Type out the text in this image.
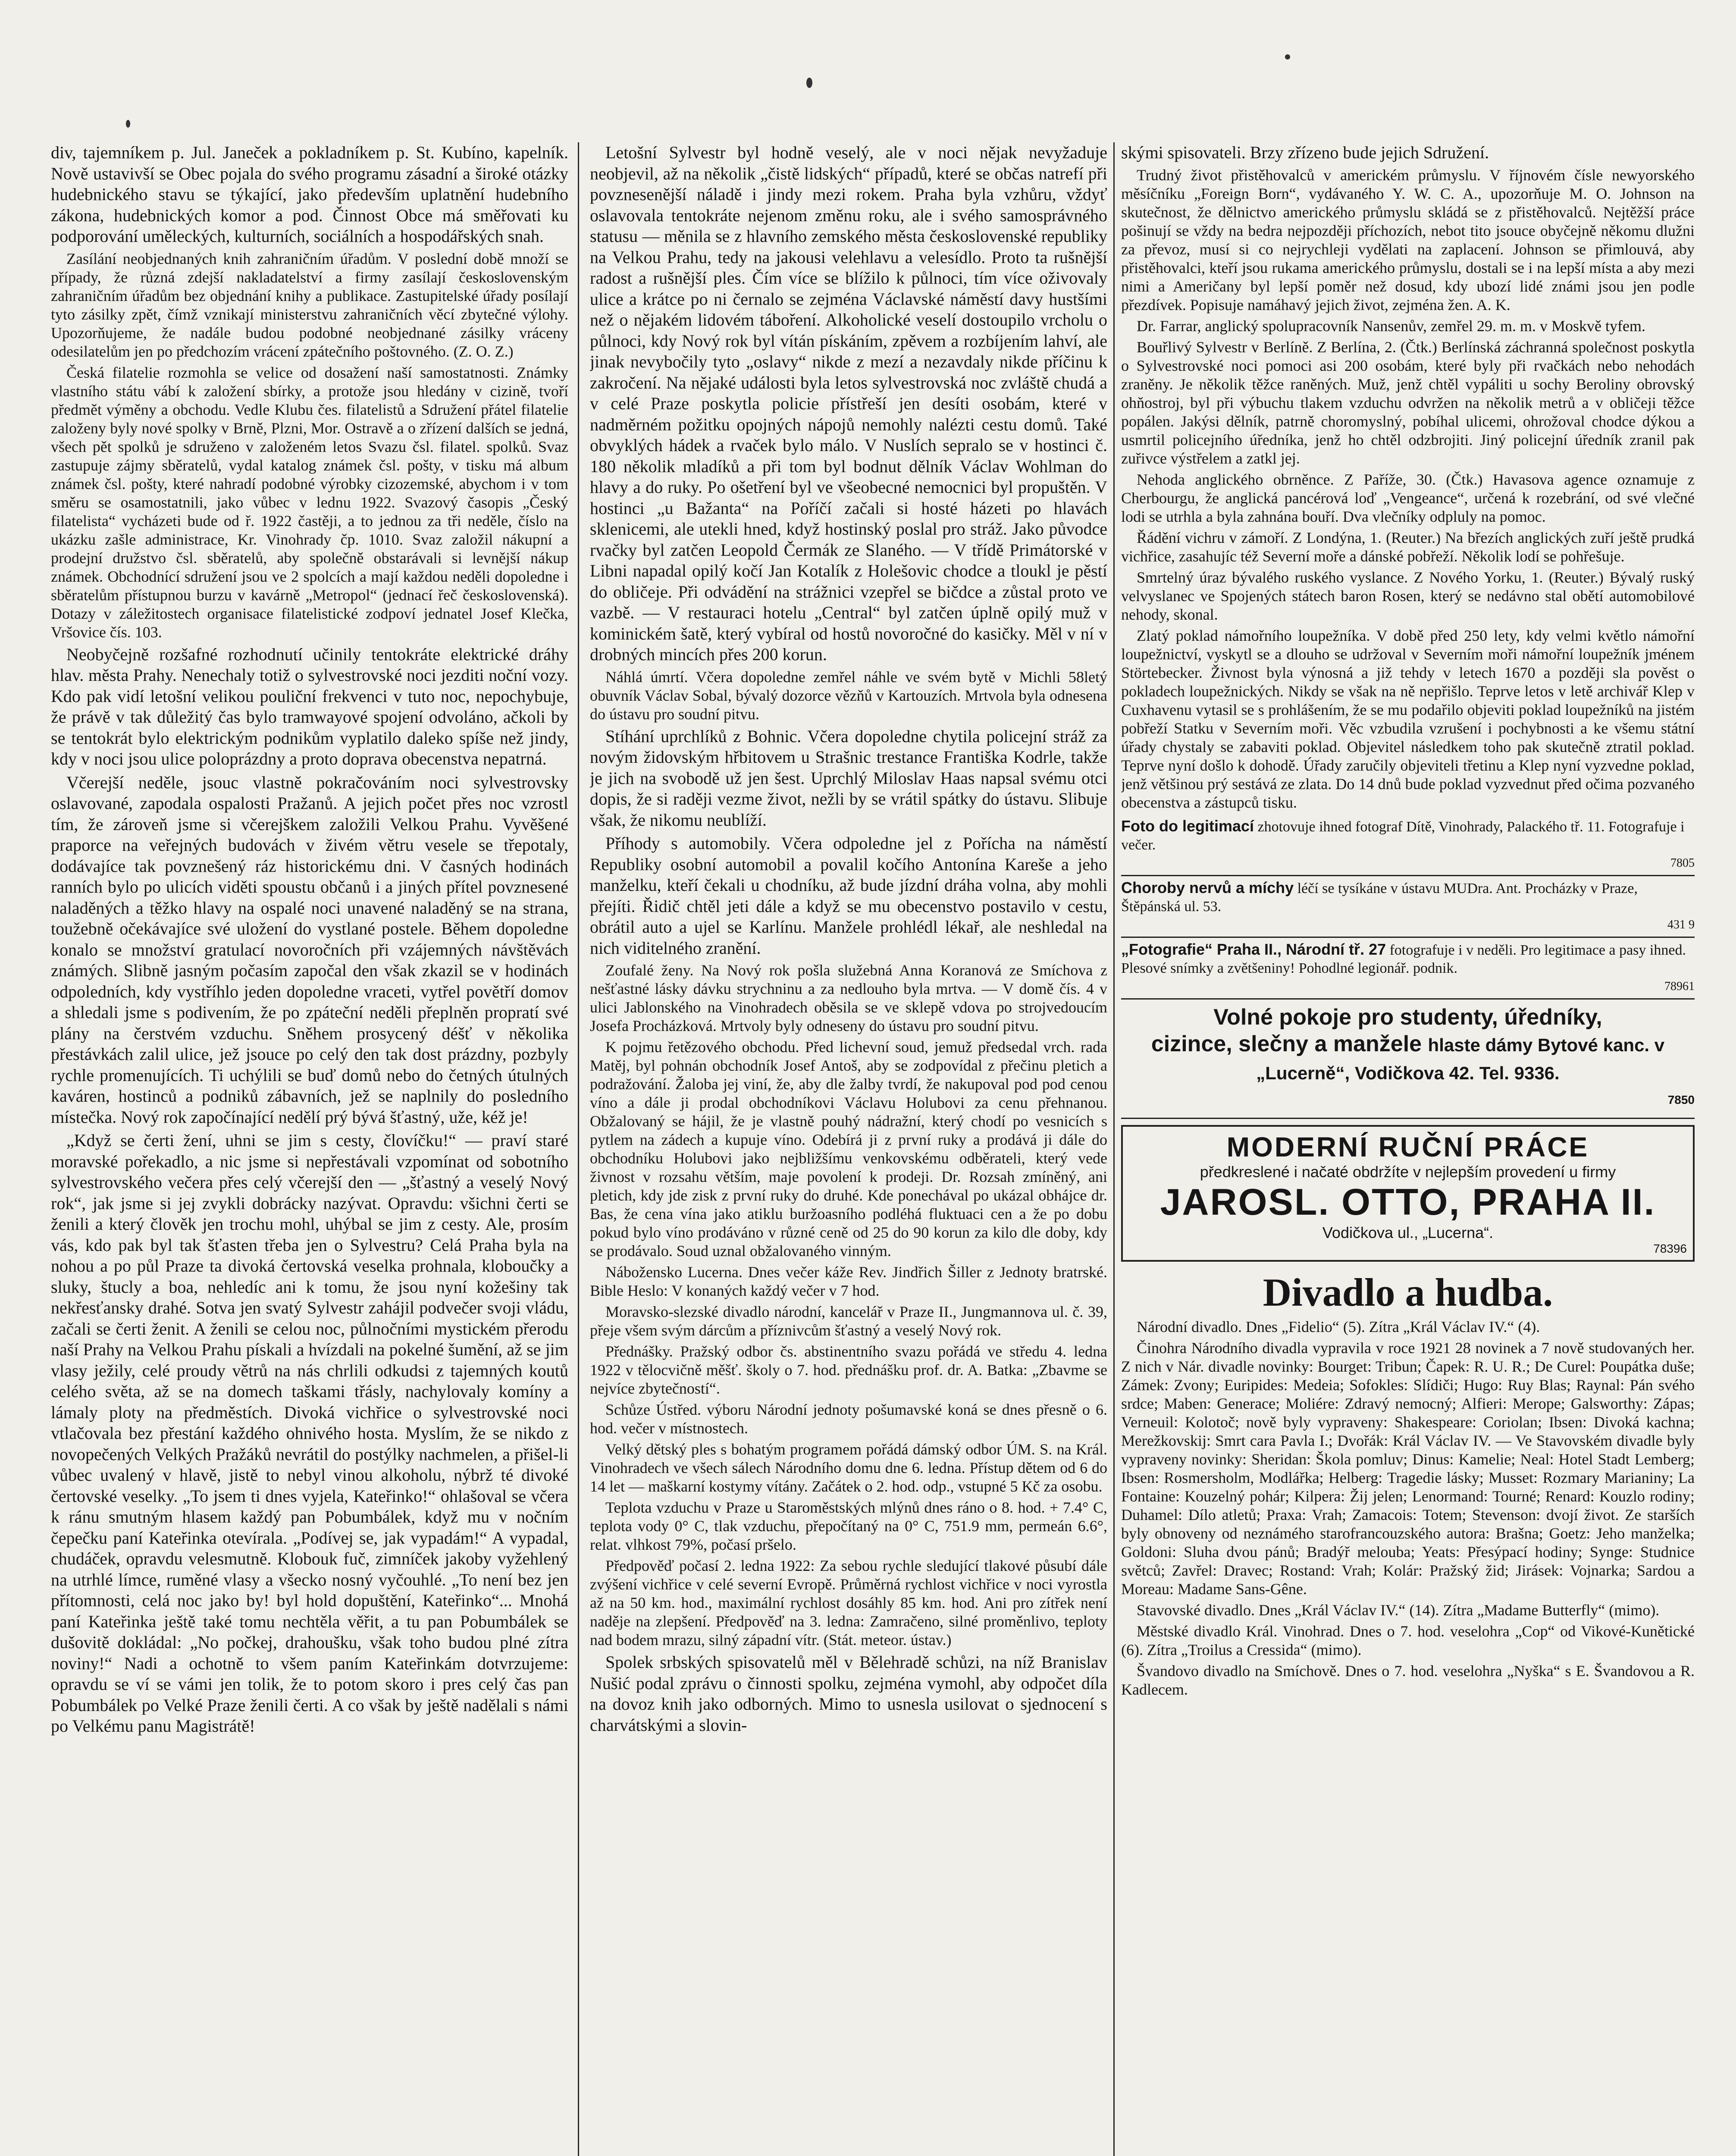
div, tajemníkem p. Jul. Janeček a pokladníkem p. St. Kubíno, kapelník. Nově ustavivší se Obec pojala do svého programu zásadní a široké otázky hudebnického stavu se týkající, jako především uplatnění hudebního zákona, hudebnických komor a pod. Činnost Obce má směřovati ku podporování uměleckých, kulturních, sociálních a hospodářských snah.

Zasílání neobjednaných knih zahraničním úřadům. V poslední době množí se případy, že různá zdejší nakladatelství a firmy zasílají československým zahraničním úřadům bez objednání knihy a publikace. Zastupitelské úřady posílají tyto zásilky zpět, čímž vznikají ministerstvu zahraničních věcí zbytečné výlohy. Upozorňujeme, že nadále budou podobné neobjednané zásilky vráceny odesilatelům jen po předchozím vrácení zpátečního poštovného. (Z. O. Z.)

Česká filatelie rozmohla se velice od dosažení naší samostatnosti. Známky vlastního státu vábí k založení sbírky, a protože jsou hledány v cizině, tvoří předmět výměny a obchodu. Vedle Klubu čes. filatelistů a Sdružení přátel filatelie založeny byly nové spolky v Brně, Plzni, Mor. Ostravě a o zřízení dalších se jedná, všech pět spolků je sdruženo v založeném letos Svazu čsl. filatel. spolků. Svaz zastupuje zájmy sběratelů, vydal katalog známek čsl. pošty, v tisku má album známek čsl. pošty, které nahradí podobné výrobky cizozemské, abychom i v tom směru se osamostatnili, jako vůbec v lednu 1922. Svazový časopis „Český filatelista“ vycházeti bude od ř. 1922 častěji, a to jednou za tři neděle, číslo na ukázku zašle administrace, Kr. Vinohrady čp. 1010. Svaz založil nákupní a prodejní družstvo čsl. sběratelů, aby společně obstarávali si levnější nákup známek. Obchodnící sdružení jsou ve 2 spolcích a mají každou neděli dopoledne i sběratelům přístupnou burzu v kavárně „Metropol“ (jednací řeč československá). Dotazy v záležitostech organisace filatelistické zodpoví jednatel Josef Klečka, Vršovice čís. 103.

Neobyčejně rozšafné rozhodnutí učinily tentokráte elektrické dráhy hlav. města Prahy. Nenechaly totiž o sylvestrovské noci jezditi noční vozy. Kdo pak vidí letošní velikou pouliční frekvenci v tuto noc, nepochybuje, že právě v tak důležitý čas bylo tramwayové spojení odvoláno, ačkoli by se tentokrát bylo elektrickým podnikům vyplatilo daleko spíše než jindy, kdy v noci jsou ulice poloprázdny a proto doprava obecenstva nepatrná.

Včerejší neděle, jsouc vlastně pokračováním noci sylvestrovsky oslavované, zapodala ospalosti Pražanů. A jejich počet přes noc vzrostl tím, že zároveň jsme si včerejškem založili Velkou Prahu. Vyvěšené praporce na veřejných budovách v živém větru vesele se třepotaly, dodávajíce tak povznešený ráz historickému dni. V časných hodinách ranních bylo po ulicích viděti spoustu občanů i a jiných přítel povznesené naladěných a těžko hlavy na ospalé noci unavené naladěný se na strana, toužebně očekávajíce své uložení do vystlané postele. Během dopoledne konalo se množství gratulací novoročních při vzájemných návštěvách známých. Slibně jasným počasím započal den však zkazil se v hodinách odpoledních, kdy vystříhlo jeden dopoledne vraceti, vytřel povětří domov a shledali jsme s podivením, že po zpáteční neděli přeplněn propratí své plány na čerstvém vzduchu. Sněhem prosycený déšť v několika přestávkách zalil ulice, jež jsouce po celý den tak dost prázdny, pozbyly rychle promenujících. Ti uchýlili se buď domů nebo do četných útulných kaváren, hostinců a podniků zábavních, jež se naplnily do posledního místečka. Nový rok započínající nedělí prý bývá šťastný, uže, kéž je!

„Když se čerti žení, uhni se jim s cesty, človíčku!“ — praví staré moravské pořekadlo, a nic jsme si nepřestávali vzpomínat od sobotního sylvestrovského večera přes celý včerejší den — „šťastný a veselý Nový rok“, jak jsme si jej zvykli dobrácky nazývat. Opravdu: všichni čerti se ženili a který člověk jen trochu mohl, uhýbal se jim z cesty. Ale, prosím vás, kdo pak byl tak šťasten třeba jen o Sylvestru? Celá Praha byla na nohou a po půl Praze ta divoká čertovská veselka prohnala, kloboučky a sluky, štucly a boa, nehledíc ani k tomu, že jsou nyní kožešiny tak nekřesťansky drahé. Sotva jen svatý Sylvestr zahájil podvečer svoji vládu, začali se čerti ženit. A ženili se celou noc, půlnočními mystickém přerodu naší Prahy na Velkou Prahu pískali a hvízdali na pokelné šumění, až se jim vlasy ježily, celé proudy větrů na nás chrlili odkudsi z tajemných koutů celého světa, až se na domech taškami třásly, nachylovaly komíny a lámaly ploty na předměstích. Divoká vichřice o sylvestrovské noci vtlačovala bez přestání každého ohnivého hosta. Myslím, že se nikdo z novopečených Velkých Pražáků nevrátil do postýlky nachmelen, a přišel-li vůbec uvalený v hlavě, jistě to nebyl vinou alkoholu, nýbrž té divoké čertovské veselky. „To jsem ti dnes vyjela, Kateřinko!“ ohlašoval se včera k ránu smutným hlasem každý pan Pobumbálek, když mu v nočním čepečku paní Kateřinka otevírala. „Podívej se, jak vypadám!“ A vypadal, chudáček, opravdu velesmutně. Klobouk fuč, zimníček jakoby vyžehlený na utrhlé límce, ruměné vlasy a všecko nosný vyčouhlé. „To není bez jen přítomnosti, celá noc jako by! byl hold dopuštění, Kateřinko“... Mnohá paní Kateřinka ještě také tomu nechtěla věřit, a tu pan Pobumbálek se dušovitě dokládal: „No počkej, drahoušku, však toho budou plné zítra noviny!“ Nadi a ochotně to všem paním Kateřinkám dotvrzujeme: opravdu se ví se vámi jen tolik, že to potom skoro i pres celý čas pan Pobumbálek po Velké Praze ženili čerti. A co však by ještě nadělali s námi po Velkému panu Magistrátě!

Letošní Sylvestr byl hodně veselý, ale v noci nějak nevyžaduje neobjevil, až na několik „čistě lidských“ případů, které se občas natrefí při povznesenější náladě i jindy mezi rokem. Praha byla vzhůru, vždyť oslavovala tentokráte nejenom změnu roku, ale i svého samosprávného statusu — měnila se z hlavního zemského města československé republiky na Velkou Prahu, tedy na jakousi velehlavu a velesídlo. Proto ta rušnější radost a rušnější ples. Čím více se blížilo k půlnoci, tím více oživovaly ulice a krátce po ni černalo se zejména Václavské náměstí davy hustšími než o nějakém lidovém táboření. Alkoholické veselí dostoupilo vrcholu o půlnoci, kdy Nový rok byl vítán pískáním, zpěvem a rozbíjením lahví, ale jinak nevybočily tyto „oslavy“ nikde z mezí a nezavdaly nikde příčinu k zakročení. Na nějaké události byla letos sylvestrovská noc zvláště chudá a v celé Praze poskytla policie přístřeší jen desíti osobám, které v nadměrném požitku opojných nápojů nemohly nalézti cestu domů. Také obvyklých hádek a rvaček bylo málo. V Nuslích sepralo se v hostinci č. 180 několik mladíků a při tom byl bodnut dělník Václav Wohlman do hlavy a do ruky. Po ošetření byl ve všeobecné nemocnici byl propuštěn. V hostinci „u Bažanta“ na Poříčí začali si hosté házeti po hlavách sklenicemi, ale utekli hned, když hostinský poslal pro stráž. Jako původce rvačky byl zatčen Leopold Čermák ze Slaného. — V třídě Primátorské v Libni napadal opilý kočí Jan Kotalík z Holešovic chodce a tloukl je pěstí do obličeje. Při odvádění na strážnici vzepřel se bičdce a zůstal proto ve vazbě. — V restauraci hotelu „Central“ byl zatčen úplně opilý muž v kominickém šatě, který vybíral od hostů novoročné do kasičky. Měl v ní v drobných mincích přes 200 korun.

Náhlá úmrtí. Včera dopoledne zemřel náhle ve svém bytě v Michli 58letý obuvník Václav Sobal, bývalý dozorce vězňů v Kartouzích. Mrtvola byla odnesena do ústavu pro soudní pitvu.

Stíhání uprchlíků z Bohnic. Včera dopoledne chytila policejní stráž za novým židovským hřbitovem u Strašnic trestance Františka Kodrle, takže je jich na svobodě už jen šest. Uprchlý Miloslav Haas napsal svému otci dopis, že si raději vezme život, nežli by se vrátil spátky do ústavu. Slibuje však, že nikomu neublíží.

Příhody s automobily. Včera odpoledne jel z Pořícha na náměstí Republiky osobní automobil a povalil kočího Antonína Kareše a jeho manželku, kteří čekali u chodníku, až bude jízdní dráha volna, aby mohli přejíti. Řidič chtěl jeti dále a když se mu obecenstvo postavilo v cestu, obrátil auto a ujel se Karlínu. Manžele prohlédl lékař, ale neshledal na nich viditelného zranění.

Zoufalé ženy. Na Nový rok pošla služebná Anna Koranová ze Smíchova z nešťastné lásky dávku strychninu a za nedlouho byla mrtva. — V domě čís. 4 v ulici Jablonského na Vinohradech oběsila se ve sklepě vdova po strojvedoucím Josefa Procházková. Mrtvoly byly odneseny do ústavu pro soudní pitvu.

K pojmu řetězového obchodu. Před lichevní soud, jemuž předsedal vrch. rada Matěj, byl pohnán obchodník Josef Antoš, aby se zodpovídal z přečinu pletich a podražování. Žaloba jej viní, že, aby dle žalby tvrdí, že nakupoval pod pod cenou víno a dále ji prodal obchodníkovi Václavu Holubovi za cenu přehnanou. Obžalovaný se hájil, že je vlastně pouhý nádražní, který chodí po vesnicích s pytlem na zádech a kupuje víno. Odebírá ji z první ruky a prodává ji dále do obchodníku Holubovi jako nejbližšímu venkovskému odběrateli, který vede živnost v rozsahu větším, maje povolení k prodeji. Dr. Rozsah zmíněný, ani pletich, kdy jde zisk z první ruky do druhé. Kde ponechával po ukázal obhájce dr. Bas, že cena vína jako atiklu buržoasního podléhá fluktuaci cen a že po dobu pokud bylo víno prodáváno v různé ceně od 25 do 90 korun za kilo dle doby, kdy se prodávalo. Soud uznal obžalovaného vinným.

Nábožensko Lucerna. Dnes večer káže Rev. Jindřich Šiller z Jednoty bratrské. Bible Heslo: V konaných každý večer v 7 hod.

Moravsko-slezské divadlo národní, kancelář v Praze II., Jungmannova ul. č. 39, přeje všem svým dárcům a příznivcům šťastný a veselý Nový rok.

Přednášky. Pražský odbor čs. abstinentního svazu pořádá ve středu 4. ledna 1922 v tělocvičně měšť. školy o 7. hod. přednášku prof. dr. A. Batka: „Zbavme se nejvíce zbytečností“.

Schůze Ústřed. výboru Národní jednoty pošumavské koná se dnes přesně o 6. hod. večer v místnostech.

Velký dětský ples s bohatým programem pořádá dámský odbor ÚM. S. na Král. Vinohradech ve všech sálech Národního domu dne 6. ledna. Přístup dětem od 6 do 14 let — maškarní kostymy vítány. Začátek o 2. hod. odp., vstupné 5 Kč za osobu.

Teplota vzduchu v Praze u Staroměstských mlýnů dnes ráno o 8. hod. + 7.4° C, teplota vody 0° C, tlak vzduchu, přepočítaný na 0° C, 751.9 mm, permeán 6.6°, relat. vlhkost 79%, počasí pršelo.

Předpověď počasí 2. ledna 1922: Za sebou rychle sledující tlakové půsubí dále zvýšení vichřice v celé severní Evropě. Průměrná rychlost vichřice v noci vyrostla až na 50 km. hod., maximální rychlost dosáhly 85 km. hod. Ani pro zítřek není naděje na zlepšení. Předpověď na 3. ledna: Zamračeno, silné proměnlivo, teploty nad bodem mrazu, silný západní vítr. (Stát. meteor. ústav.)

Spolek srbských spisovatelů měl v Bělehradě schůzi, na níž Branislav Nušić podal zprávu o činnosti spolku, zejména vymohl, aby odpočet díla na dovoz knih jako odborných. Mimo to usnesla usilovat o sjednocení s charvátskými a slovin-

skými spisovateli. Brzy zřízeno bude jejich Sdružení.

Trudný život přistěhovalců v americkém průmyslu. V říjnovém čísle newyorského měsíčníku „Foreign Born“, vydávaného Y. W. C. A., upozorňuje M. O. Johnson na skutečnost, že dělnictvo amerického průmyslu skládá se z přistěhovalců. Nejtěžší práce pošinují se vždy na bedra nejpozději příchozích, nebot tito jsouce obyčejně někomu dlužni za převoz, musí si co nejrychleji vydělati na zaplacení. Johnson se přimlouvá, aby přistěhovalci, kteří jsou rukama amerického průmyslu, dostali se i na lepší místa a aby mezi nimi a Američany byl lepší poměr než dosud, kdy ubozí lidé známi jsou jen podle přezdívek. Popisuje namáhavý jejich život, zejména žen. A. K.

Dr. Farrar, anglický spolupracovník Nansenův, zemřel 29. m. m. v Moskvě tyfem.

Bouřlivý Sylvestr v Berlíně. Z Berlína, 2. (Čtk.) Berlínská záchranná společnost poskytla o Sylvestrovské noci pomoci asi 200 osobám, které byly při rvačkách nebo nehodách zraněny. Je několik těžce raněných. Muž, jenž chtěl vypáliti u sochy Beroliny obrovský ohňostroj, byl při výbuchu tlakem vzduchu odvržen na několik metrů a v obličeji těžce popálen. Jakýsi dělník, patrně choromyslný, pobíhal ulicemi, ohrožoval chodce dýkou a usmrtil policejního úředníka, jenž ho chtěl odzbrojiti. Jiný policejní úředník zranil pak zuřivce výstřelem a zatkl jej.

Nehoda anglického obrněnce. Z Paříže, 30. (Čtk.) Havasova agence oznamuje z Cherbourgu, že anglická pancérová loď „Vengeance“, určená k rozebrání, od své vlečné lodi se utrhla a byla zahnána bouří. Dva vlečníky odpluly na pomoc.

Řádění vichru v zámoří. Z Londýna, 1. (Reuter.) Na březích anglických zuří ještě prudká vichřice, zasahujíc též Severní moře a dánské pobřeží. Několik lodí se pohřešuje.

Smrtelný úraz bývalého ruského vyslance. Z Nového Yorku, 1. (Reuter.) Bývalý ruský velvyslanec ve Spojených státech baron Rosen, který se nedávno stal obětí automobilové nehody, skonal.

Zlatý poklad námořního loupežníka. V době před 250 lety, kdy velmi květlo námořní loupežnictví, vyskytl se a dlouho se udržoval v Severním moři námořní loupežník jménem Störtebecker. Živnost byla výnosná a již tehdy v letech 1670 a později sla pověst o pokladech loupežnických. Nikdy se však na ně nepřišlo. Teprve letos v letě archivář Klep v Cuxhavenu vytasil se s prohlášením, že se mu podařilo objeviti poklad loupežníků na jistém pobřeží Statku v Severním moři. Věc vzbudila vzrušení i pochybnosti a ke všemu státní úřady chystaly se zabaviti poklad. Objevitel následkem toho pak skutečně ztratil poklad. Teprve nyní došlo k dohodě. Úřady zaručily objeviteli třetinu a Klep nyní vyzvedne poklad, jenž většinou prý sestává ze zlata. Do 14 dnů bude poklad vyzvednut před očima pozvaného obecenstva a zástupců tisku.

Foto do legitimací zhotovuje ihned fotograf Dítě, Vinohrady, Palackého tř. 11. Fotografuje i večer.
7805
Choroby nervů a míchy léčí se tysíkáne v ústavu MUDra. Ant. Procházky v Praze, Štěpánská ul. 53.
431 9
„Fotografie“ Praha II., Národní tř. 27 fotografuje i v neděli. Pro legitimace a pasy ihned. Plesové snímky a zvětšeniny! Pohodlné legionář. podnik.
78961
Volné pokoje pro studenty, úředníky,
cizince, slečny a manžele hlaste dámy Bytové kanc. v „Lucerně“, Vodičkova 42. Tel. 9336.
7850
MODERNÍ RUČNÍ PRÁCE
předkreslené i načaté obdržíte v nejlepším provedení u firmy
JAROSL. OTTO, PRAHA II.
Vodičkova ul., „Lucerna“.
78396
Divadlo a hudba.

Národní divadlo. Dnes „Fidelio“ (5). Zítra „Král Václav IV.“ (4).

Činohra Národního divadla vypravila v roce 1921 28 novinek a 7 nově studovaných her. Z nich v Nár. divadle novinky: Bourget: Tribun; Čapek: R. U. R.; De Curel: Poupátka duše; Zámek: Zvony; Euripides: Medeia; Sofokles: Slídiči; Hugo: Ruy Blas; Raynal: Pán svého srdce; Maben: Generace; Moliére: Zdravý nemocný; Alfieri: Merope; Galsworthy: Zápas; Verneuil: Kolotoč; nově byly vypraveny: Shakespeare: Coriolan; Ibsen: Divoká kachna; Merežkovskij: Smrt cara Pavla I.; Dvořák: Král Václav IV. — Ve Stavovském divadle byly vypraveny novinky: Sheridan: Škola pomluv; Dinus: Kamelie; Neal: Hotel Stadt Lemberg; Ibsen: Rosmersholm, Modlářka; Helberg: Tragedie lásky; Musset: Rozmary Marianiny; La Fontaine: Kouzelný pohár; Kilpera: Žij jelen; Lenormand: Tourné; Renard: Kouzlo rodiny; Duhamel: Dílo atletů; Praxa: Vrah; Zamacois: Totem; Stevenson: dvojí život. Ze starších byly obnoveny od neznámého starofrancouzského autora: Brašna; Goetz: Jeho manželka; Goldoni: Sluha dvou pánů; Bradýř melouba; Yeats: Přesýpací hodiny; Synge: Studnice světců; Zavřel: Dravec; Rostand: Vrah; Kolár: Pražský žid; Jirásek: Vojnarka; Sardou a Moreau: Madame Sans-Gêne.

Stavovské divadlo. Dnes „Král Václav IV.“ (14). Zítra „Madame Butterfly“ (mimo).

Městské divadlo Král. Vinohrad. Dnes o 7. hod. veselohra „Cop“ od Vikové-Kunětické (6). Zítra „Troilus a Cressida“ (mimo).

Švandovo divadlo na Smíchově. Dnes o 7. hod. veselohra „Nyška“ s E. Švandovou a R. Kadlecem.
